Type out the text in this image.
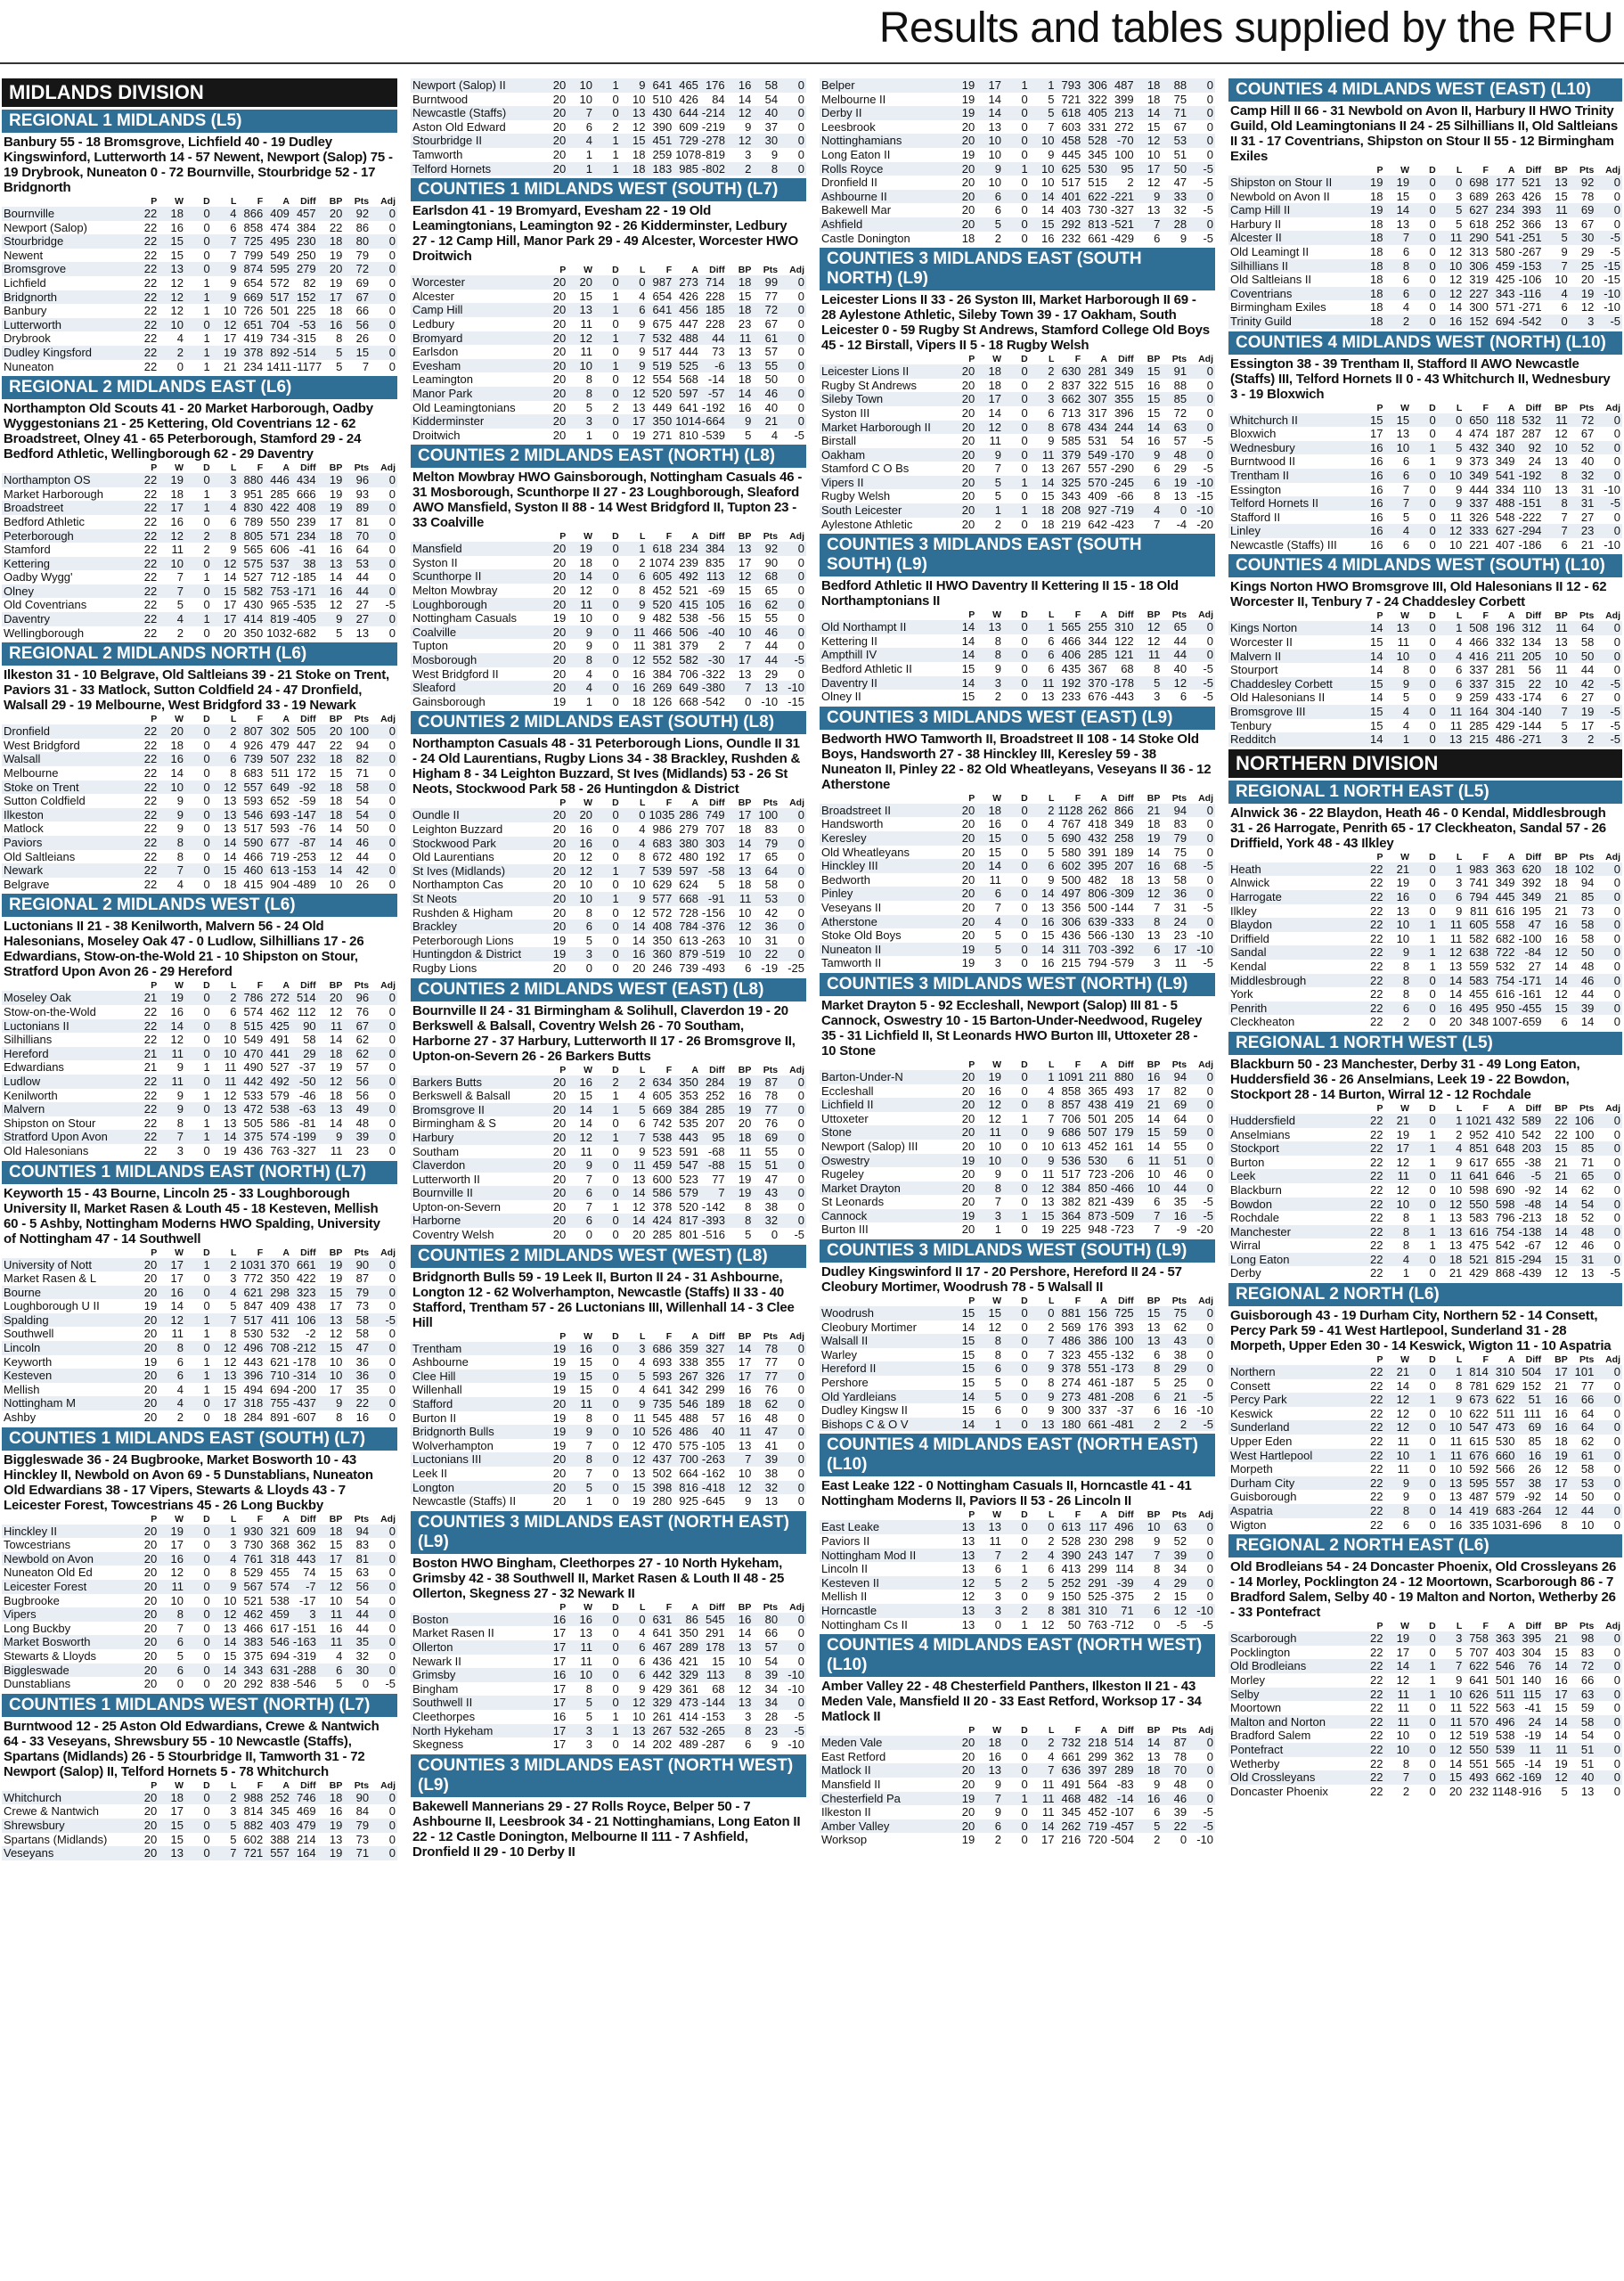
Results and tables supplied by the RFU
MIDLANDS DIVISION
REGIONAL 1 MIDLANDS (L5)
Banbury 55 - 18 Bromsgrove, Lichfield 40 - 19 Dudley Kingswinford, Lutterworth 14 - 57 Newent, Newport (Salop) 75 - 19 Drybrook, Nuneaton 0 - 72 Bournville, Stourbridge 52 - 17 Bridgnorth
	P	W	D	L	F	A	Diff	BP	Pts	Adj
Bournville	22	18	0	4	866	409	457	20	92	0
Newport (Salop)	22	16	0	6	858	474	384	22	86	0
Stourbridge	22	15	0	7	725	495	230	18	80	0
Newent	22	15	0	7	799	549	250	19	79	0
Bromsgrove	22	13	0	9	874	595	279	20	72	0
Lichfield	22	12	1	9	654	572	82	19	69	0
Bridgnorth	22	12	1	9	669	517	152	17	67	0
Banbury	22	12	1	10	726	501	225	18	66	0
Lutterworth	22	10	0	12	651	704	-53	16	56	0
Drybrook	22	4	1	17	419	734	-315	8	26	0
Dudley Kingsford	22	2	1	19	378	892	-514	5	15	0
Nuneaton	22	0	1	21	234	1411	-1177	5	7	0
REGIONAL 2 MIDLANDS EAST (L6)
Northampton Old Scouts 41 - 20 Market Harborough, Oadby Wyggestonians 21 - 25 Kettering, Old Coventrians 12 - 62 Broadstreet, Olney 41 - 65 Peterborough, Stamford 29 - 24 Bedford Athletic, Wellingborough 62 - 29 Daventry
	P	W	D	L	F	A	Diff	BP	Pts	Adj
Northampton OS	22	19	0	3	880	446	434	19	96	0
Market Harborough	22	18	1	3	951	285	666	19	93	0
Broadstreet	22	17	1	4	830	422	408	19	89	0
Bedford Athletic	22	16	0	6	789	550	239	17	81	0
Peterborough	22	12	2	8	805	571	234	18	70	0
Stamford	22	11	2	9	565	606	-41	16	64	0
Kettering	22	10	0	12	575	537	38	13	53	0
Oadby Wygg'	22	7	1	14	527	712	-185	14	44	0
Olney	22	7	0	15	582	753	-171	16	44	0
Old Coventrians	22	5	0	17	430	965	-535	12	27	-5
Daventry	22	4	1	17	414	819	-405	9	27	0
Wellingborough	22	2	0	20	350	1032	-682	5	13	0
REGIONAL 2 MIDLANDS NORTH (L6)
Ilkeston 31 - 10 Belgrave, Old Saltleians 39 - 21 Stoke on Trent, Paviors 31 - 33 Matlock, Sutton Coldfield 24 - 47 Dronfield, Walsall 29 - 19 Melbourne, West Bridgford 33 - 19 Newark
	P	W	D	L	F	A	Diff	BP	Pts	Adj
Dronfield	22	20	0	2	807	302	505	20	100	0
West Bridgford	22	18	0	4	926	479	447	22	94	0
Walsall	22	16	0	6	739	507	232	18	82	0
Melbourne	22	14	0	8	683	511	172	15	71	0
Stoke on Trent	22	10	0	12	557	649	-92	18	58	0
Sutton Coldfield	22	9	0	13	593	652	-59	18	54	0
Ilkeston	22	9	0	13	546	693	-147	18	54	0
Matlock	22	9	0	13	517	593	-76	14	50	0
Paviors	22	8	0	14	590	677	-87	14	46	0
Old Saltleians	22	8	0	14	466	719	-253	12	44	0
Newark	22	7	0	15	460	613	-153	14	42	0
Belgrave	22	4	0	18	415	904	-489	10	26	0
REGIONAL 2 MIDLANDS WEST (L6)
Luctonians II 21 - 38 Kenilworth, Malvern 56 - 24 Old Halesonians, Moseley Oak 47 - 0 Ludlow, Silhillians 17 - 26 Edwardians, Stow-on-the-Wold 21 - 10 Shipston on Stour, Stratford Upon Avon 26 - 29 Hereford
	P	W	D	L	F	A	Diff	BP	Pts	Adj
Moseley Oak	21	19	0	2	786	272	514	20	96	0
Stow-on-the-Wold	22	16	0	6	574	462	112	12	76	0
Luctonians II	22	14	0	8	515	425	90	11	67	0
Silhillians	22	12	0	10	549	491	58	14	62	0
Hereford	21	11	0	10	470	441	29	18	62	0
Edwardians	21	9	1	11	490	527	-37	19	57	0
Ludlow	22	11	0	11	442	492	-50	12	56	0
Kenilworth	22	9	1	12	533	579	-46	18	56	0
Malvern	22	9	0	13	472	538	-63	13	49	0
Shipston on Stour	22	8	1	13	505	586	-81	14	48	0
Stratford Upon Avon	22	7	1	14	375	574	-199	9	39	0
Old Halesonians	22	3	0	19	436	763	-327	11	23	0
COUNTIES 1 MIDLANDS EAST (NORTH) (L7)
Keyworth 15 - 43 Bourne, Lincoln 25 - 33 Loughborough University II, Market Rasen & Louth 45 - 18 Kesteven, Mellish 60 - 5 Ashby, Nottingham Moderns HWO Spalding, University of Nottingham 47 - 14 Southwell
	P	W	D	L	F	A	Diff	BP	Pts	Adj
University of Nott	20	17	1	2	1031	370	661	19	90	0
Market Rasen & L	20	17	0	3	772	350	422	19	87	0
Bourne	20	16	0	4	621	298	323	15	79	0
Loughborough U II	19	14	0	5	847	409	438	17	73	0
Spalding	20	12	1	7	517	411	106	13	58	-5
Southwell	20	11	1	8	530	532	-2	12	58	0
Lincoln	20	8	0	12	496	708	-212	15	47	0
Keyworth	19	6	1	12	443	621	-178	10	36	0
Kesteven	20	6	1	13	396	710	-314	10	36	0
Mellish	20	4	1	15	494	694	-200	17	35	0
Nottingham M	20	4	0	17	318	755	-437	9	22	0
Ashby	20	2	0	18	284	891	-607	8	16	0
COUNTIES 1 MIDLANDS EAST (SOUTH) (L7)
Biggleswade 36 - 24 Bugbrooke, Market Bosworth 10 - 43 Hinckley II, Newbold on Avon 69 - 5 Dunstablians, Nuneaton Old Edwardians 38 - 17 Vipers, Stewarts & Lloyds 43 - 7 Leicester Forest, Towcestrians 45 - 26 Long Buckby
	P	W	D	L	F	A	Diff	BP	Pts	Adj
Hinckley II	20	19	0	1	930	321	609	18	94	0
Towcestrians	20	17	0	3	730	368	362	15	83	0
Newbold on Avon	20	16	0	4	761	318	443	17	81	0
Nuneaton Old Ed	20	12	0	8	529	455	74	15	63	0
Leicester Forest	20	11	0	9	567	574	-7	12	56	0
Bugbrooke	20	10	0	10	521	538	-17	10	54	0
Vipers	20	8	0	12	462	459	3	11	44	0
Long Buckby	20	7	0	13	466	617	-151	16	44	0
Market Bosworth	20	6	0	14	383	546	-163	11	35	0
Stewarts & Lloyds	20	5	0	15	375	694	-319	4	32	0
Biggleswade	20	6	0	14	343	631	-288	6	30	0
Dunstablians	20	0	0	20	292	838	-546	5	0	-5
COUNTIES 1 MIDLANDS WEST (NORTH) (L7)
Burntwood 12 - 25 Aston Old Edwardians, Crewe & Nantwich 64 - 33 Veseyans, Shrewsbury 55 - 10 Newcastle (Staffs), Spartans (Midlands) 26 - 5 Stourbridge II, Tamworth 31 - 72 Newport (Salop) II, Telford Hornets 5 - 78 Whitchurch
	P	W	D	L	F	A	Diff	BP	Pts	Adj
Whitchurch	20	18	0	2	988	252	746	18	90	0
Crewe & Nantwich	20	17	0	3	814	345	469	16	84	0
Shrewsbury	20	15	0	5	882	403	479	19	79	0
Spartans (Midlands)	20	15	0	5	602	388	214	13	73	0
Veseyans	20	13	0	7	721	557	164	19	71	0
Newport (Salop) II	20	10	1	9	641	465	176	16	58	0
Burntwood	20	10	0	10	510	426	84	14	54	0
Newcastle (Staffs)	20	7	0	13	430	644	-214	12	40	0
Aston Old Edward	20	6	2	12	390	609	-219	9	37	0
Stourbridge II	20	4	1	15	451	729	-278	12	30	0
Tamworth	20	1	1	18	259	1078	-819	3	9	0
Telford Hornets	20	1	1	18	183	985	-802	2	8	0
COUNTIES 1 MIDLANDS WEST (SOUTH) (L7)
Earlsdon 41 - 19 Bromyard, Evesham 22 - 19 Old Leamingtonians, Leamington 92 - 26 Kidderminster, Ledbury 27 - 12 Camp Hill, Manor Park 29 - 49 Alcester, Worcester HWO Droitwich
	P	W	D	L	F	A	Diff	BP	Pts	Adj
Worcester	20	20	0	0	987	273	714	18	99	0
Alcester	20	15	1	4	654	426	228	15	77	0
Camp Hill	20	13	1	6	641	456	185	18	72	0
Ledbury	20	11	0	9	675	447	228	23	67	0
Bromyard	20	12	1	7	532	488	44	11	61	0
Earlsdon	20	11	0	9	517	444	73	13	57	0
Evesham	20	10	1	9	519	525	-6	13	55	0
Leamington	20	8	0	12	554	568	-14	18	50	0
Manor Park	20	8	0	12	520	597	-57	14	46	0
Old Leamingtonians	20	5	2	13	449	641	-192	16	40	0
Kidderminster	20	3	0	17	350	1014	-664	9	21	0
Droitwich	20	1	0	19	271	810	-539	5	4	-5
COUNTIES 2 MIDLANDS EAST (NORTH) (L8)
Melton Mowbray HWO Gainsborough, Nottingham Casuals 46 - 31 Mosborough, Scunthorpe II 27 - 23 Loughborough, Sleaford AWO Mansfield, Syston II 88 - 14 West Bridgford II, Tupton 23 - 33 Coalville
	P	W	D	L	F	A	Diff	BP	Pts	Adj
Mansfield	20	19	0	1	618	234	384	13	92	0
Syston II	20	18	0	2	1074	239	835	17	90	0
Scunthorpe II	20	14	0	6	605	492	113	12	68	0
Melton Mowbray	20	12	0	8	452	521	-69	15	65	0
Loughborough	20	11	0	9	520	415	105	16	62	0
Nottingham Casuals	19	10	0	9	482	538	-56	15	55	0
Coalville	20	9	0	11	466	506	-40	10	46	0
Tupton	20	9	0	11	381	379	2	7	44	0
Mosborough	20	8	0	12	552	582	-30	17	44	-5
West Bridgford II	20	4	0	16	384	706	-322	13	29	0
Sleaford	20	4	0	16	269	649	-380	7	13	-10
Gainsborough	19	1	0	18	126	668	-542	0	-10	-15
COUNTIES 2 MIDLANDS EAST (SOUTH) (L8)
Northampton Casuals 48 - 31 Peterborough Lions, Oundle II 31 - 24 Old Laurentians, Rugby Lions 34 - 38 Brackley, Rushden & Higham 8 - 34 Leighton Buzzard, St Ives (Midlands) 53 - 26 St Neots, Stockwood Park 58 - 26 Huntingdon & District
	P	W	D	L	F	A	Diff	BP	Pts	Adj
Oundle II	20	20	0	0	1035	286	749	17	100	0
Leighton Buzzard	20	16	0	4	986	279	707	18	83	0
Stockwood Park	20	16	0	4	683	380	303	14	79	0
Old Laurentians	20	12	0	8	672	480	192	17	65	0
St Ives (Midlands)	20	12	1	7	539	597	-58	13	64	0
Northampton Cas	20	10	0	10	629	624	5	18	58	0
St Neots	20	10	1	9	577	668	-91	11	53	0
Rushden & Higham	20	8	0	12	572	728	-156	10	42	0
Brackley	20	6	0	14	408	784	-376	12	36	0
Peterborough Lions	19	5	0	14	350	613	-263	10	31	0
Huntingdon & District	19	3	0	16	360	879	-519	10	22	0
Rugby Lions	20	0	0	20	246	739	-493	6	-19	-25
COUNTIES 2 MIDLANDS WEST (EAST) (L8)
Bournville II 24 - 31 Birmingham & Solihull, Claverdon 19 - 20 Berkswell & Balsall, Coventry Welsh 26 - 70 Southam, Harborne 27 - 37 Harbury, Lutterworth II 17 - 26 Bromsgrove II, Upton-on-Severn 26 - 26 Barkers Butts
	P	W	D	L	F	A	Diff	BP	Pts	Adj
Barkers Butts	20	16	2	2	634	350	284	19	87	0
Berkswell & Balsall	20	15	1	4	605	353	252	16	78	0
Bromsgrove II	20	14	1	5	669	384	285	19	77	0
Birmingham & S	20	14	0	6	742	535	207	20	76	0
Harbury	20	12	1	7	538	443	95	18	69	0
Southam	20	11	0	9	523	591	-68	11	55	0
Claverdon	20	9	0	11	459	547	-88	15	51	0
Lutterworth II	20	7	0	13	600	523	77	19	47	0
Bournville II	20	6	0	14	586	579	7	19	43	0
Upton-on-Severn	20	7	1	12	378	520	-142	8	38	0
Harborne	20	6	0	14	424	817	-393	8	32	0
Coventry Welsh	20	0	0	20	285	801	-516	5	0	-5
COUNTIES 2 MIDLANDS WEST (WEST) (L8)
Bridgnorth Bulls 59 - 19 Leek II, Burton II 24 - 31 Ashbourne, Longton 12 - 62 Wolverhampton, Newcastle (Staffs) II 33 - 40 Stafford, Trentham 57 - 26 Luctonians III, Willenhall 14 - 3 Clee Hill
	P	W	D	L	F	A	Diff	BP	Pts	Adj
Trentham	19	16	0	3	686	359	327	14	78	0
Ashbourne	19	15	0	4	693	338	355	17	77	0
Clee Hill	19	15	0	5	593	267	326	17	77	0
Willenhall	19	15	0	4	641	342	299	16	76	0
Stafford	20	11	0	9	735	546	189	18	62	0
Burton II	19	8	0	11	545	488	57	16	48	0
Bridgnorth Bulls	19	9	0	10	526	486	40	11	47	0
Wolverhampton	19	7	0	12	470	575	-105	13	41	0
Luctonians III	20	8	0	12	437	700	-263	7	39	0
Leek II	20	7	0	13	502	664	-162	10	38	0
Longton	20	5	0	15	398	816	-418	12	32	0
Newcastle (Staffs) II	20	1	0	19	280	925	-645	9	13	0
COUNTIES 3 MIDLANDS EAST (NORTH EAST) (L9)
Boston HWO Bingham, Cleethorpes 27 - 10 North Hykeham, Grimsby 42 - 38 Southwell II, Market Rasen & Louth II 48 - 25 Ollerton, Skegness 27 - 32 Newark II
	P	W	D	L	F	A	Diff	BP	Pts	Adj
Boston	16	16	0	0	631	86	545	16	80	0
Market Rasen II	17	13	0	4	641	350	291	14	66	0
Ollerton	17	11	0	6	467	289	178	13	57	0
Newark II	17	11	0	6	436	421	15	10	54	0
Grimsby	16	10	0	6	442	329	113	8	39	-10
Bingham	17	8	0	9	429	361	68	12	34	-10
Southwell II	17	5	0	12	329	473	-144	13	34	0
Cleethorpes	16	5	1	10	261	414	-153	3	28	-5
North Hykeham	17	3	1	13	267	532	-265	8	23	-5
Skegness	17	3	0	14	202	489	-287	6	9	-10
COUNTIES 3 MIDLANDS EAST (NORTH WEST) (L9)
Bakewell Mannerians 29 - 27 Rolls Royce, Belper 50 - 7 Ashbourne II, Leesbrook 34 - 21 Nottinghamians, Long Eaton II 22 - 12 Castle Donington, Melbourne II 111 - 7 Ashfield, Dronfield II 29 - 10 Derby II
Belper	19	17	1	1	793	306	487	18	88	0
Melbourne II	19	14	0	5	721	322	399	18	75	0
Derby II	19	14	0	5	618	405	213	14	71	0
Leesbrook	20	13	0	7	603	331	272	15	67	0
Nottinghamians	20	10	0	10	458	528	-70	12	53	0
Long Eaton II	19	10	0	9	445	345	100	10	51	0
Rolls Royce	20	9	1	10	625	530	95	17	50	-5
Dronfield II	20	10	0	10	517	515	2	12	47	-5
Ashbourne II	20	6	0	14	401	622	-221	9	33	0
Bakewell Mar	20	6	0	14	403	730	-327	13	32	-5
Ashfield	20	5	0	15	292	813	-521	7	28	0
Castle Donington	18	2	0	16	232	661	-429	6	9	-5
COUNTIES 3 MIDLANDS EAST (SOUTH NORTH) (L9)
Leicester Lions II 33 - 26 Syston III, Market Harborough II 69 - 28 Aylestone Athletic, Sileby Town 39 - 17 Oakham, South Leicester 0 - 59 Rugby St Andrews, Stamford College Old Boys 45 - 12 Birstall, Vipers II 5 - 18 Rugby Welsh
	P	W	D	L	F	A	Diff	BP	Pts	Adj
Leicester Lions II	20	18	0	2	630	281	349	15	91	0
Rugby St Andrews	20	18	0	2	837	322	515	16	88	0
Sileby Town	20	17	0	3	662	307	355	15	85	0
Syston III	20	14	0	6	713	317	396	15	72	0
Market Harborough II	20	12	0	8	678	434	244	14	63	0
Birstall	20	11	0	9	585	531	54	16	57	-5
Oakham	20	9	0	11	379	549	-170	9	48	0
Stamford C O Bs	20	7	0	13	267	557	-290	6	29	-5
Vipers II	20	5	1	14	325	570	-245	6	19	-10
Rugby Welsh	20	5	0	15	343	409	-66	8	13	-15
South Leicester	20	1	1	18	208	927	-719	4	0	-10
Aylestone Athletic	20	2	0	18	219	642	-423	7	-4	-20
COUNTIES 3 MIDLANDS EAST (SOUTH SOUTH) (L9)
Bedford Athletic II HWO Daventry II Kettering II 15 - 18 Old Northamptonians II
	P	W	D	L	F	A	Diff	BP	Pts	Adj
Old Northampt II	14	13	0	1	565	255	310	12	65	0
Kettering II	14	8	0	6	466	344	122	12	44	0
Ampthill IV	14	8	0	6	406	285	121	11	44	0
Bedford Athletic II	15	9	0	6	435	367	68	8	40	-5
Daventry II	14	3	0	11	192	370	-178	5	12	-5
Olney II	15	2	0	13	233	676	-443	3	6	-5
COUNTIES 3 MIDLANDS WEST (EAST) (L9)
Bedworth HWO Tamworth II, Broadstreet II 108 - 14 Stoke Old Boys, Handsworth 27 - 38 Hinckley III, Keresley 59 - 38 Nuneaton II, Pinley 22 - 82 Old Wheatleyans, Veseyans II 36 - 12 Atherstone
	P	W	D	L	F	A	Diff	BP	Pts	Adj
Broadstreet II	20	18	0	2	1128	262	866	21	94	0
Handsworth	20	16	0	4	767	418	349	18	83	0
Keresley	20	15	0	5	690	432	258	19	79	0
Old Wheatleyans	20	15	0	5	580	391	189	14	75	0
Hinckley III	20	14	0	6	602	395	207	16	68	-5
Bedworth	20	11	0	9	500	482	18	13	58	0
Pinley	20	6	0	14	497	806	-309	12	36	0
Veseyans II	20	7	0	13	356	500	-144	7	31	-5
Atherstone	20	4	0	16	306	639	-333	8	24	0
Stoke Old Boys	20	5	0	15	436	566	-130	13	23	-10
Nuneaton II	19	5	0	14	311	703	-392	6	17	-10
Tamworth II	19	3	0	16	215	794	-579	3	11	-5
COUNTIES 3 MIDLANDS WEST (NORTH) (L9)
Market Drayton 5 - 92 Eccleshall, Newport (Salop) III 81 - 5 Cannock, Oswestry 10 - 15 Barton-Under-Needwood, Rugeley 35 - 31 Lichfield II, St Leonards HWO Burton III, Uttoxeter 28 - 10 Stone
	P	W	D	L	F	A	Diff	BP	Pts	Adj
Barton-Under-N	20	19	0	1	1091	211	880	16	94	0
Eccleshall	20	16	0	4	858	365	493	17	82	0
Lichfield II	20	12	0	8	857	438	419	21	69	0
Uttoxeter	20	12	1	7	706	501	205	14	64	0
Stone	20	11	0	9	686	507	179	15	59	0
Newport (Salop) III	20	10	0	10	613	452	161	14	55	0
Oswestry	19	10	0	9	536	530	6	11	51	0
Rugeley	20	9	0	11	517	723	-206	10	46	0
Market Drayton	20	8	0	12	384	850	-466	10	44	0
St Leonards	20	7	0	13	382	821	-439	6	35	-5
Cannock	19	3	1	15	364	873	-509	7	16	-5
Burton III	20	1	0	19	225	948	-723	7	-9	-20
COUNTIES 3 MIDLANDS WEST (SOUTH) (L9)
Dudley Kingswinford II 17 - 20 Pershore, Hereford II 24 - 57 Cleobury Mortimer, Woodrush 78 - 5 Walsall II
	P	W	D	L	F	A	Diff	BP	Pts	Adj
Woodrush	15	15	0	0	881	156	725	15	75	0
Cleobury Mortimer	14	12	0	2	569	176	393	13	62	0
Walsall II	15	8	0	7	486	386	100	13	43	0
Warley	15	8	0	7	323	455	-132	6	38	0
Hereford II	15	6	0	9	378	551	-173	8	29	0
Pershore	15	5	0	8	274	461	-187	5	25	0
Old Yardleians	14	5	0	9	273	481	-208	6	21	-5
Dudley Kingsw II	15	6	0	9	300	337	-37	6	16	-10
Bishops C & O V	14	1	0	13	180	661	-481	2	2	-5
COUNTIES 4 MIDLANDS EAST (NORTH EAST) (L10)
East Leake 122 - 0 Nottingham Casuals II, Horncastle 41 - 41 Nottingham Moderns II, Paviors II 53 - 26 Lincoln II
	P	W	D	L	F	A	Diff	BP	Pts	Adj
East Leake	13	13	0	0	613	117	496	10	63	0
Paviors II	13	11	0	2	528	230	298	9	52	0
Nottingham Mod II	13	7	2	4	390	243	147	7	39	0
Lincoln II	13	6	1	6	413	299	114	8	34	0
Kesteven II	12	5	2	5	252	291	-39	4	29	0
Mellish II	12	3	0	9	150	525	-375	2	15	0
Horncastle	13	3	2	8	381	310	71	6	12	-10
Nottingham Cs II	13	0	1	12	50	763	-712	0	-5	-5
COUNTIES 4 MIDLANDS EAST (NORTH WEST) (L10)
Amber Valley 22 - 48 Chesterfield Panthers, Ilkeston II 21 - 43 Meden Vale, Mansfield II 20 - 33 East Retford, Worksop 17 - 34 Matlock II
	P	W	D	L	F	A	Diff	BP	Pts	Adj
Meden Vale	20	18	0	2	732	218	514	14	87	0
East Retford	20	16	0	4	661	299	362	13	78	0
Matlock II	20	13	0	7	636	397	289	18	70	0
Mansfield II	20	9	0	11	491	564	-83	9	48	0
Chesterfield Pa	19	7	1	11	468	482	-14	16	46	0
Ilkeston II	20	9	0	11	345	452	-107	6	39	-5
Amber Valley	20	6	0	14	262	719	-457	5	22	-5
Worksop	19	2	0	17	216	720	-504	2	0	-10
COUNTIES 4 MIDLANDS WEST (EAST) (L10)
Camp Hill II 66 - 31 Newbold on Avon II, Harbury II HWO Trinity Guild, Old Leamingtonians II 24 - 25 Silhillians II, Old Saltleians II 31 - 17 Coventrians, Shipston on Stour II 55 - 12 Birmingham Exiles
	P	W	D	L	F	A	Diff	BP	Pts	Adj
Shipston on Stour II	19	19	0	0	698	177	521	13	92	0
Newbold on Avon II	18	15	0	3	689	263	426	15	78	0
Camp Hill II	19	14	0	5	627	234	393	11	69	0
Harbury II	18	13	0	5	618	252	366	13	67	0
Alcester II	18	7	0	11	290	541	-251	5	30	-5
Old Leamingt II	18	6	0	12	313	580	-267	9	29	-5
Silhillians II	18	8	0	10	306	459	-153	7	25	-15
Old Saltleians II	18	6	0	12	319	425	-106	10	20	-15
Coventrians	18	6	0	12	227	343	-116	4	19	-10
Birmingham Exiles	18	4	0	14	300	571	-271	6	12	-10
Trinity Guild	18	2	0	16	152	694	-542	0	3	-5
COUNTIES 4 MIDLANDS WEST (NORTH) (L10)
Essington 38 - 39 Trentham II, Stafford II AWO Newcastle (Staffs) III, Telford Hornets II 0 - 43 Whitchurch II, Wednesbury 3 - 19 Bloxwich
	P	W	D	L	F	A	Diff	BP	Pts	Adj
Whitchurch II	15	15	0	0	650	118	532	11	72	0
Bloxwich	17	13	0	4	474	187	287	12	67	0
Wednesbury	16	10	1	5	432	340	92	10	52	0
Burntwood II	16	6	1	9	373	349	24	13	40	0
Trentham II	16	6	0	10	349	541	-192	8	32	0
Essington	16	7	0	9	444	334	110	13	31	-10
Telford Hornets II	16	7	0	9	337	488	-151	8	31	-5
Stafford II	16	5	0	11	326	548	-222	7	27	0
Linley	16	4	0	12	333	627	-294	7	23	0
Newcastle (Staffs) III	16	6	0	10	221	407	-186	6	21	-10
COUNTIES 4 MIDLANDS WEST (SOUTH) (L10)
Kings Norton HWO Bromsgrove III, Old Halesonians II 12 - 62 Worcester II, Tenbury 7 - 24 Chaddesley Corbett
	P	W	D	L	F	A	Diff	BP	Pts	Adj
Kings Norton	14	13	0	1	508	196	312	11	64	0
Worcester II	15	11	0	4	466	332	134	13	58	0
Malvern II	14	10	0	4	416	211	205	10	50	0
Stourport	14	8	0	6	337	281	56	11	44	0
Chaddesley Corbett	15	9	0	6	337	315	22	10	42	-5
Old Halesonians II	14	5	0	9	259	433	-174	6	27	0
Bromsgrove III	15	4	0	11	164	304	-140	7	19	-5
Tenbury	15	4	0	11	285	429	-144	5	17	-5
Redditch	14	1	0	13	215	486	-271	3	2	-5
NORTHERN DIVISION
REGIONAL 1 NORTH EAST (L5)
Alnwick 36 - 22 Blaydon, Heath 46 - 0 Kendal, Middlesbrough 31 - 26 Harrogate, Penrith 65 - 17 Cleckheaton, Sandal 57 - 26 Driffield, York 48 - 43 Ilkley
	P	W	D	L	F	A	Diff	BP	Pts	Adj
Heath	22	21	0	1	983	363	620	18	102	0
Alnwick	22	19	0	3	741	349	392	18	94	0
Harrogate	22	16	0	6	794	445	349	21	85	0
Ilkley	22	13	0	9	811	616	195	21	73	0
Blaydon	22	10	1	11	605	558	47	16	58	0
Driffield	22	10	1	11	582	682	-100	16	58	0
Sandal	22	9	1	12	638	722	-84	12	50	0
Kendal	22	8	1	13	559	532	27	14	48	0
Middlesbrough	22	8	0	14	583	754	-171	14	46	0
York	22	8	0	14	455	616	-161	12	44	0
Penrith	22	6	0	16	495	950	-455	15	39	0
Cleckheaton	22	2	0	20	348	1007	-659	6	14	0
REGIONAL 1 NORTH WEST (L5)
Blackburn 50 - 23 Manchester, Derby 31 - 49 Long Eaton, Huddersfield 36 - 26 Anselmians, Leek 19 - 22 Bowdon, Stockport 28 - 14 Burton, Wirral 12 - 12 Rochdale
	P	W	D	L	F	A	Diff	BP	Pts	Adj
Huddersfield	22	21	0	1	1021	432	589	22	106	0
Anselmians	22	19	1	2	952	410	542	22	100	0
Stockport	22	17	1	4	851	648	203	15	85	0
Burton	22	12	1	9	617	655	-38	21	71	0
Leek	22	11	0	11	641	646	-5	21	65	0
Blackburn	22	12	0	10	598	690	-92	14	62	0
Bowdon	22	10	0	12	550	598	-48	14	54	0
Rochdale	22	8	1	13	583	796	-213	18	52	0
Manchester	22	8	1	13	616	754	-138	14	48	0
Wirral	22	8	1	13	475	542	-67	12	46	0
Long Eaton	22	4	0	18	521	815	-294	15	31	0
Derby	22	1	0	21	429	868	-439	12	13	-5
REGIONAL 2 NORTH (L6)
Guisborough 43 - 19 Durham City, Northern 52 - 14 Consett, Percy Park 59 - 41 West Hartlepool, Sunderland 31 - 28 Morpeth, Upper Eden 30 - 14 Keswick, Wigton 11 - 10 Aspatria
	P	W	D	L	F	A	Diff	BP	Pts	Adj
Northern	22	21	0	1	814	310	504	17	101	0
Consett	22	14	0	8	781	629	152	21	77	0
Percy Park	22	12	1	9	673	622	51	16	66	0
Keswick	22	12	0	10	622	511	111	16	64	0
Sunderland	22	12	0	10	547	473	69	16	64	0
Upper Eden	22	11	0	11	615	530	85	18	62	0
West Hartlepool	22	10	1	11	676	660	16	19	61	0
Morpeth	22	11	0	10	592	566	26	12	58	0
Durham City	22	9	0	13	595	557	38	17	53	0
Guisborough	22	9	0	13	487	579	-92	14	50	0
Aspatria	22	8	0	14	419	683	-264	12	44	0
Wigton	22	6	0	16	335	1031	-696	8	10	0
REGIONAL 2 NORTH EAST (L6)
Old Brodleians 54 - 24 Doncaster Phoenix, Old Crossleyans 26 - 14 Morley, Pocklington 24 - 12 Moortown, Scarborough 86 - 7 Bradford Salem, Selby 40 - 19 Malton and Norton, Wetherby 26 - 33 Pontefract
	P	W	D	L	F	A	Diff	BP	Pts	Adj
Scarborough	22	19	0	3	758	363	395	21	98	0
Pocklington	22	17	0	5	707	403	304	15	83	0
Old Brodleians	22	14	1	7	622	546	76	14	72	0
Morley	22	12	1	9	641	501	140	16	66	0
Selby	22	11	1	10	626	511	115	17	63	0
Moortown	22	11	0	11	522	563	-41	15	59	0
Malton and Norton	22	11	0	11	570	496	24	14	58	0
Bradford Salem	22	10	0	12	519	538	-19	14	54	0
Pontefract	22	10	0	12	550	539	11	11	51	0
Wetherby	22	8	0	14	551	565	-14	19	51	0
Old Crossleyans	22	7	0	15	493	662	-169	12	40	0
Doncaster Phoenix	22	2	0	20	232	1148	-916	5	13	0
